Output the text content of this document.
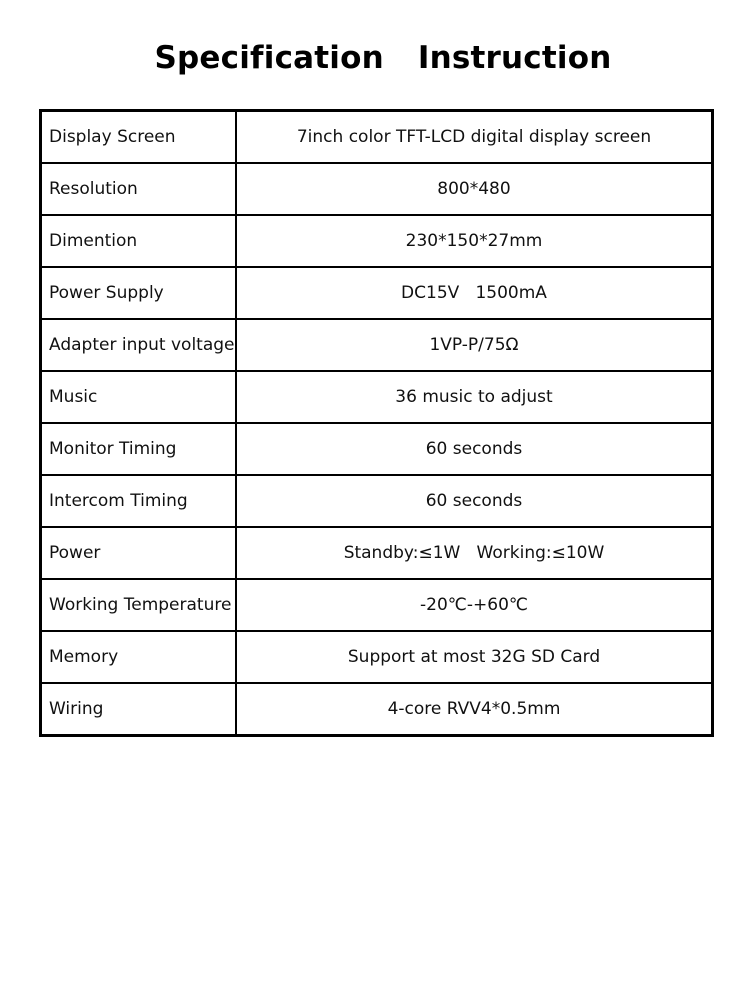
Specification  Instruction
Display Screen	7inch color TFT-LCD digital display screen
Resolution	800*480
Dimention	230*150*27mm
Power Supply	DC15V   1500mA
Adapter input voltage	1VP-P/75Ω
Music	36 music to adjust
Monitor Timing	60 seconds
Intercom Timing	60 seconds
Power	Standby:≤1W   Working:≤10W
Working Temperature	-20℃-+60℃
Memory	Support at most 32G SD Card
Wiring	4-core RVV4*0.5mm
